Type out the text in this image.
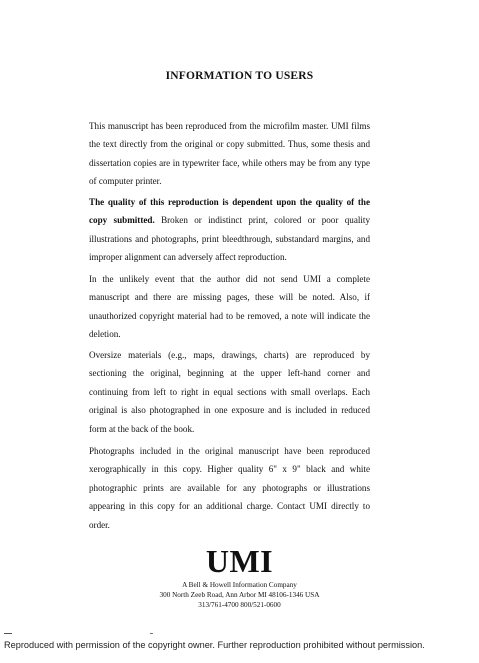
INFORMATION TO USERS

This manuscript has been reproduced from the microfilm master. UMI films the text directly from the original or copy submitted. Thus, some thesis and dissertation copies are in typewriter face, while others may be from any type of computer printer.

The quality of this reproduction is dependent upon the quality of the copy submitted. Broken or indistinct print, colored or poor quality illustrations and photographs, print bleedthrough, substandard margins, and improper alignment can adversely affect reproduction.

In the unlikely event that the author did not send UMI a complete manuscript and there are missing pages, these will be noted. Also, if unauthorized copyright material had to be removed, a note will indicate the deletion.

Oversize materials (e.g., maps, drawings, charts) are reproduced by sectioning the original, beginning at the upper left-hand corner and continuing from left to right in equal sections with small overlaps. Each original is also photographed in one exposure and is included in reduced form at the back of the book.

Photographs included in the original manuscript have been reproduced xerographically in this copy. Higher quality 6" x 9" black and white photographic prints are available for any photographs or illustrations appearing in this copy for an additional charge. Contact UMI directly to order.

UMI
A Bell & Howell Information Company
300 North Zeeb Road, Ann Arbor MI 48106-1346 USA
313/761-4700 800/521-0600
Reproduced with permission of the copyright owner. Further reproduction prohibited without permission.
